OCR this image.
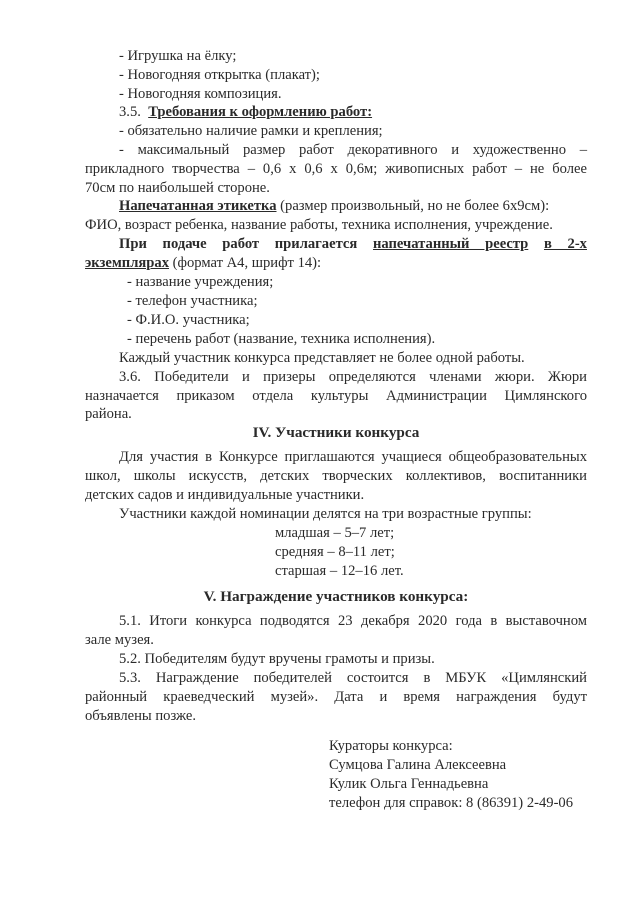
- Игрушка на ёлку;

- Новогодняя открытка (плакат);

- Новогодняя композиция.

3.5. Требования к оформлению работ:

- обязательно наличие рамки и крепления;

- максимальный размер работ декоративного и художественно –

прикладного творчества – 0,6 х 0,6 х 0,6м; живописных работ – не более

70см по наибольшей стороне.

Напечатанная этикетка (размер произвольный, но не более 6х9см):

ФИО, возраст ребенка, название работы, техника исполнения, учреждение.

При подаче работ прилагается напечатанный реестр в 2-х

экземплярах (формат А4, шрифт 14):

- название учреждения;

- телефон участника;

- Ф.И.О. участника;

- перечень работ (название, техника исполнения).

Каждый участник конкурса представляет не более одной работы.

3.6. Победители и призеры определяются членами жюри. Жюри

назначается приказом отдела культуры Администрации Цимлянского

района.

IV. Участники конкурса

Для участия в Конкурсе приглашаются учащиеся общеобразовательных

школ, школы искусств, детских творческих коллективов, воспитанники

детских садов и индивидуальные участники.

Участники каждой номинации делятся на три возрастные группы:

младшая – 5–7 лет;

средняя – 8–11 лет;

старшая – 12–16 лет.

V. Награждение участников конкурса:

5.1. Итоги конкурса подводятся 23 декабря 2020 года в выставочном

зале музея.

5.2. Победителям будут вручены грамоты и призы.

5.3. Награждение победителей состоится в МБУК «Цимлянский

районный краеведческий музей». Дата и время награждения будут

объявлены позже.

Кураторы конкурса:

Сумцова Галина Алексеевна

Кулик Ольга Геннадьевна

телефон для справок: 8 (86391) 2-49-06
